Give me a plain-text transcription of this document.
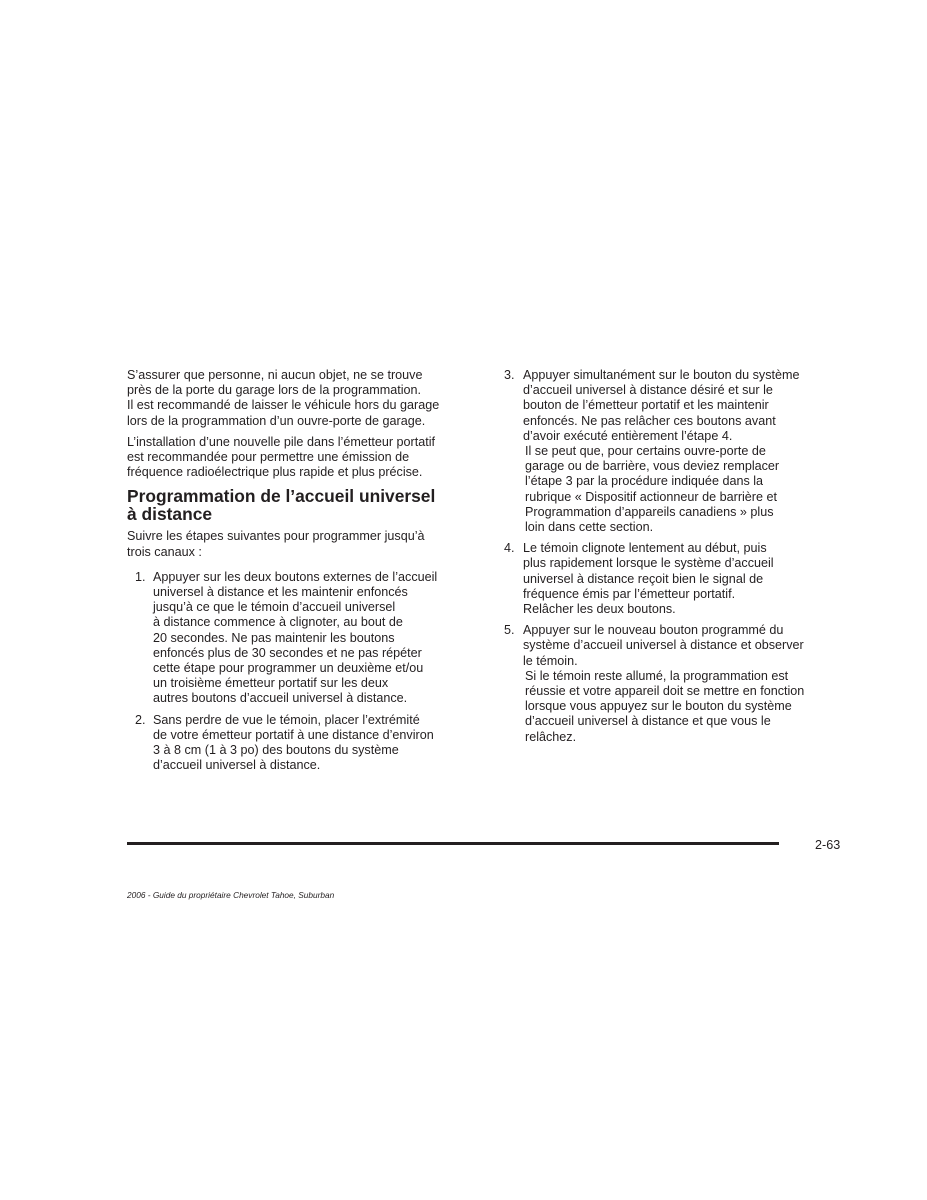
S’assurer que personne, ni aucun objet, ne se trouve
près de la porte du garage lors de la programmation.
Il est recommandé de laisser le véhicule hors du garage
lors de la programmation d’un ouvre-porte de garage.

L’installation d’une nouvelle pile dans l’émetteur portatif
est recommandée pour permettre une émission de
fréquence radioélectrique plus rapide et plus précise.

Programmation de l’accueil universel
à distance

Suivre les étapes suivantes pour programmer jusqu’à
trois canaux :

1. Appuyer sur les deux boutons externes de l’accueil
universel à distance et les maintenir enfoncés
jusqu’à ce que le témoin d’accueil universel
à distance commence à clignoter, au bout de
20 secondes. Ne pas maintenir les boutons
enfoncés plus de 30 secondes et ne pas répéter
cette étape pour programmer un deuxième et/ou
un troisième émetteur portatif sur les deux
autres boutons d’accueil universel à distance.

2. Sans perdre de vue le témoin, placer l’extrémité
de votre émetteur portatif à une distance d’environ
3 à 8 cm (1 à 3 po) des boutons du système
d’accueil universel à distance.

3. Appuyer simultanément sur le bouton du système
d’accueil universel à distance désiré et sur le
bouton de l’émetteur portatif et les maintenir
enfoncés. Ne pas relâcher ces boutons avant
d’avoir exécuté entièrement l’étape 4.

Il se peut que, pour certains ouvre-porte de
garage ou de barrière, vous deviez remplacer
l’étape 3 par la procédure indiquée dans la
rubrique « Dispositif actionneur de barrière et
Programmation d’appareils canadiens » plus
loin dans cette section.

4. Le témoin clignote lentement au début, puis
plus rapidement lorsque le système d’accueil
universel à distance reçoit bien le signal de
fréquence émis par l’émetteur portatif.
Relâcher les deux boutons.

5. Appuyer sur le nouveau bouton programmé du
système d’accueil universel à distance et observer
le témoin.

Si le témoin reste allumé, la programmation est
réussie et votre appareil doit se mettre en fonction
lorsque vous appuyez sur le bouton du système
d’accueil universel à distance et que vous le
relâchez.

2-63
2006 - Guide du propriétaire Chevrolet Tahoe, Suburban
